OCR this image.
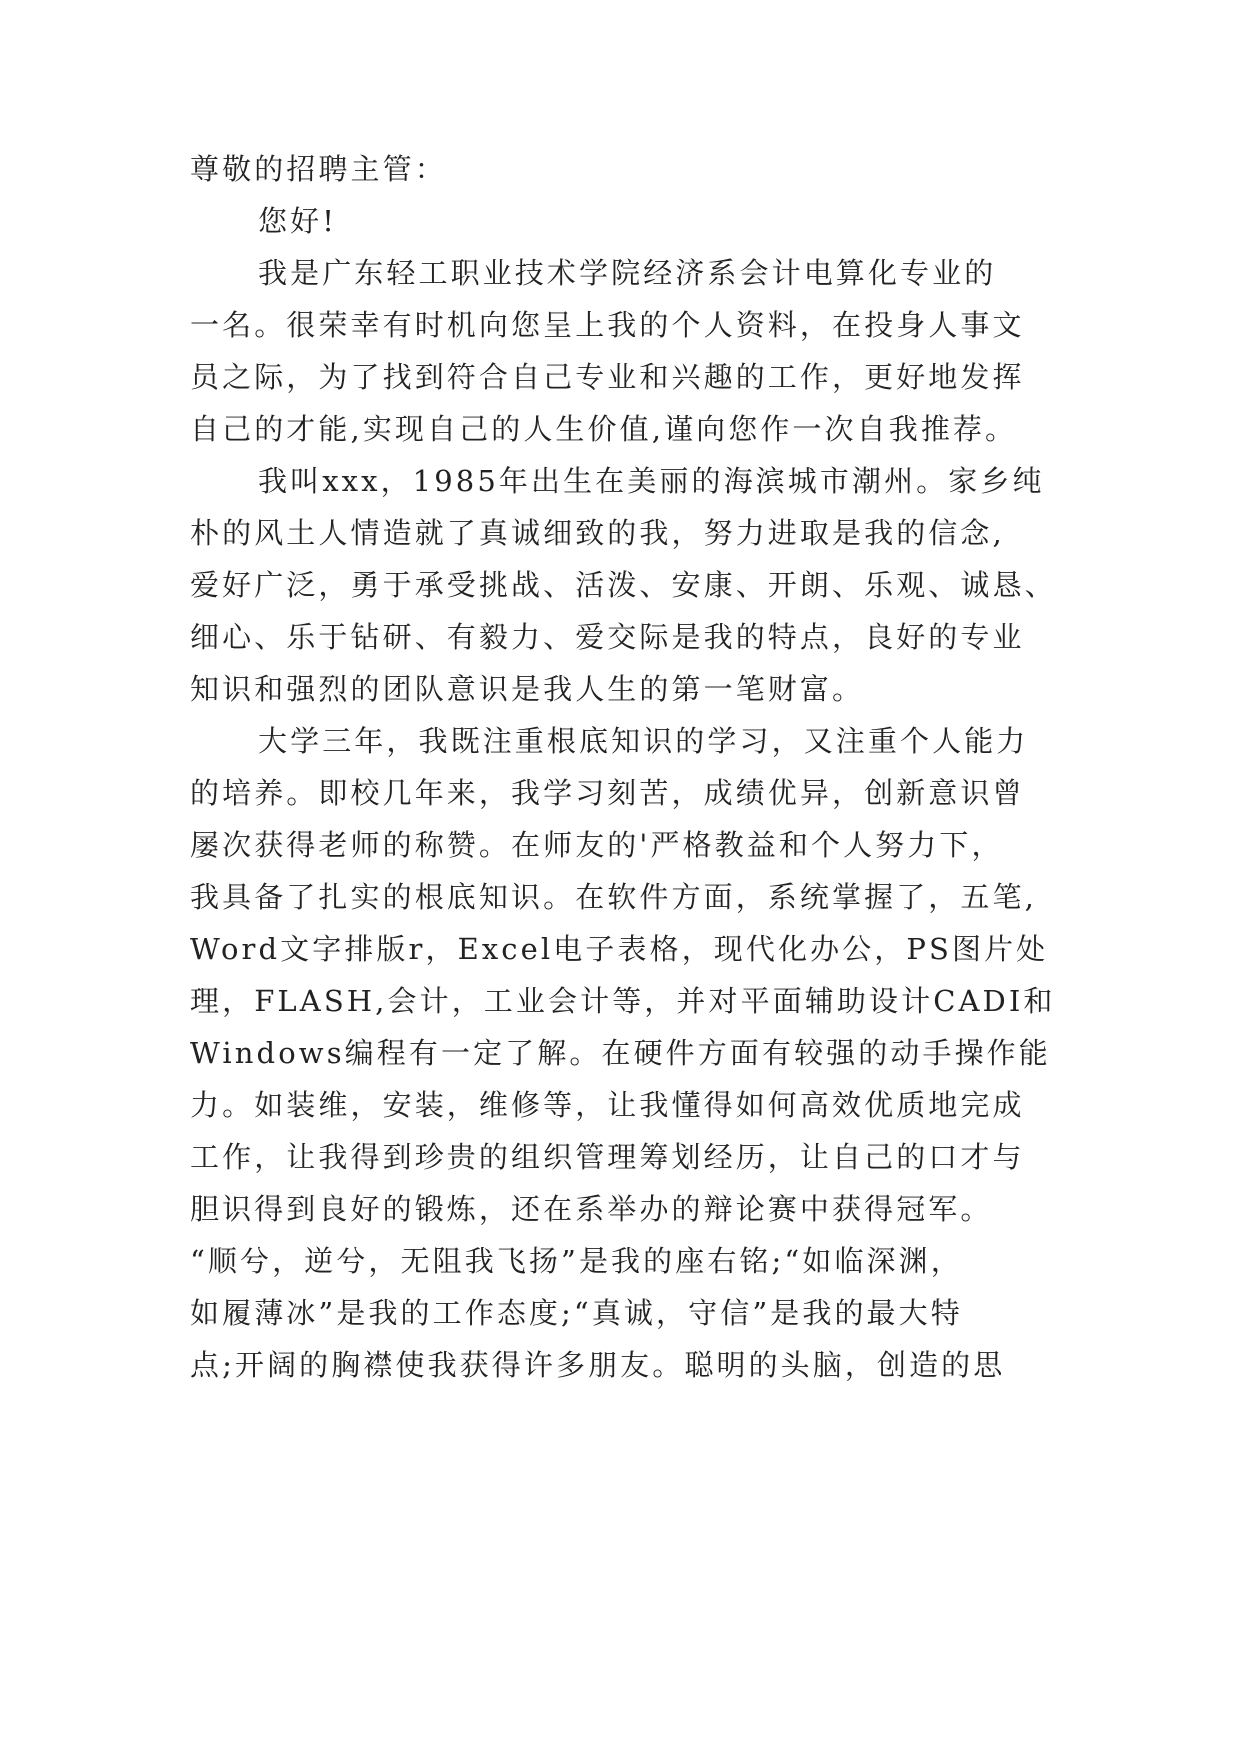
尊敬的招聘主管：
您好!
我是广东轻工职业技术学院经济系会计电算化专业的
一名。很荣幸有时机向您呈上我的个人资料，在投身人事文
员之际，为了找到符合自己专业和兴趣的工作，更好地发挥
自己的才能,实现自己的人生价值,谨向您作一次自我推荐。
我叫xxx，1985年出生在美丽的海滨城市潮州。家乡纯
朴的风土人情造就了真诚细致的我，努力进取是我的信念,
爱好广泛，勇于承受挑战、活泼、安康、开朗、乐观、诚恳、
细心、乐于钻研、有毅力、爱交际是我的特点，良好的专业
知识和强烈的团队意识是我人生的第一笔财富。
大学三年，我既注重根底知识的学习，又注重个人能力
的培养。即校几年来，我学习刻苦，成绩优异，创新意识曾
屡次获得老师的称赞。在师友的'严格教益和个人努力下，
我具备了扎实的根底知识。在软件方面，系统掌握了，五笔,
Word文字排版r，Excel电子表格，现代化办公，PS图片处
理，FLASH,会计，工业会计等，并对平面辅助设计CADI和
Windows编程有一定了解。在硬件方面有较强的动手操作能
力。如装维，安装，维修等，让我懂得如何高效优质地完成
工作，让我得到珍贵的组织管理筹划经历，让自己的口才与
胆识得到良好的锻炼，还在系举办的辩论赛中获得冠军。
“顺兮，逆兮，无阻我飞扬”是我的座右铭;“如临深渊，
如履薄冰”是我的工作态度;“真诚，守信”是我的最大特
点;开阔的胸襟使我获得许多朋友。聪明的头脑，创造的思
